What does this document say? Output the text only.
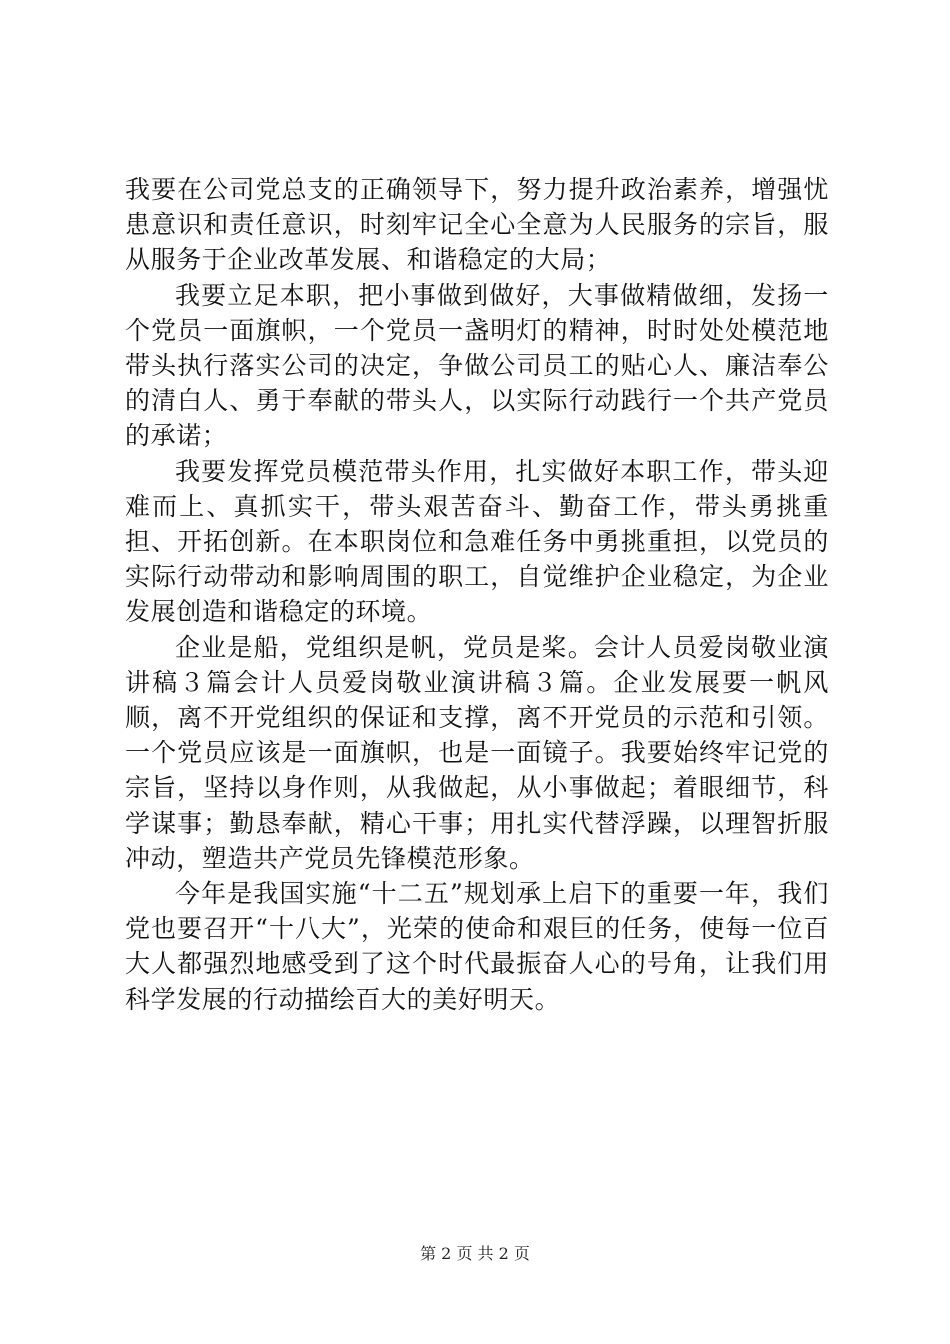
我要在公司党总支的正确领导下，努力提升政治素养，增强忧患意识和责任意识，时刻牢记全心全意为人民服务的宗旨，服从服务于企业改革发展、和谐稳定的大局；

我要立足本职，把小事做到做好，大事做精做细，发扬一个党员一面旗帜，一个党员一盏明灯的精神，时时处处模范地带头执行落实公司的决定，争做公司员工的贴心人、廉洁奉公的清白人、勇于奉献的带头人，以实际行动践行一个共产党员的承诺；

我要发挥党员模范带头作用，扎实做好本职工作，带头迎难而上、真抓实干，带头艰苦奋斗、勤奋工作，带头勇挑重担、开拓创新。在本职岗位和急难任务中勇挑重担，以党员的实际行动带动和影响周围的职工，自觉维护企业稳定，为企业发展创造和谐稳定的环境。

企业是船，党组织是帆，党员是桨。会计人员爱岗敬业演讲稿３篇会计人员爱岗敬业演讲稿３篇。企业发展要一帆风顺，离不开党组织的保证和支撑，离不开党员的示范和引领。一个党员应该是一面旗帜，也是一面镜子。我要始终牢记党的宗旨，坚持以身作则，从我做起，从小事做起；着眼细节，科学谋事；勤恳奉献，精心干事；用扎实代替浮躁，以理智折服冲动，塑造共产党员先锋模范形象。

今年是我国实施“十二五”规划承上启下的重要一年，我们党也要召开“十八大”，光荣的使命和艰巨的任务，使每一位百大人都强烈地感受到了这个时代最振奋人心的号角，让我们用科学发展的行动描绘百大的美好明天。

第 2 页 共 2 页
